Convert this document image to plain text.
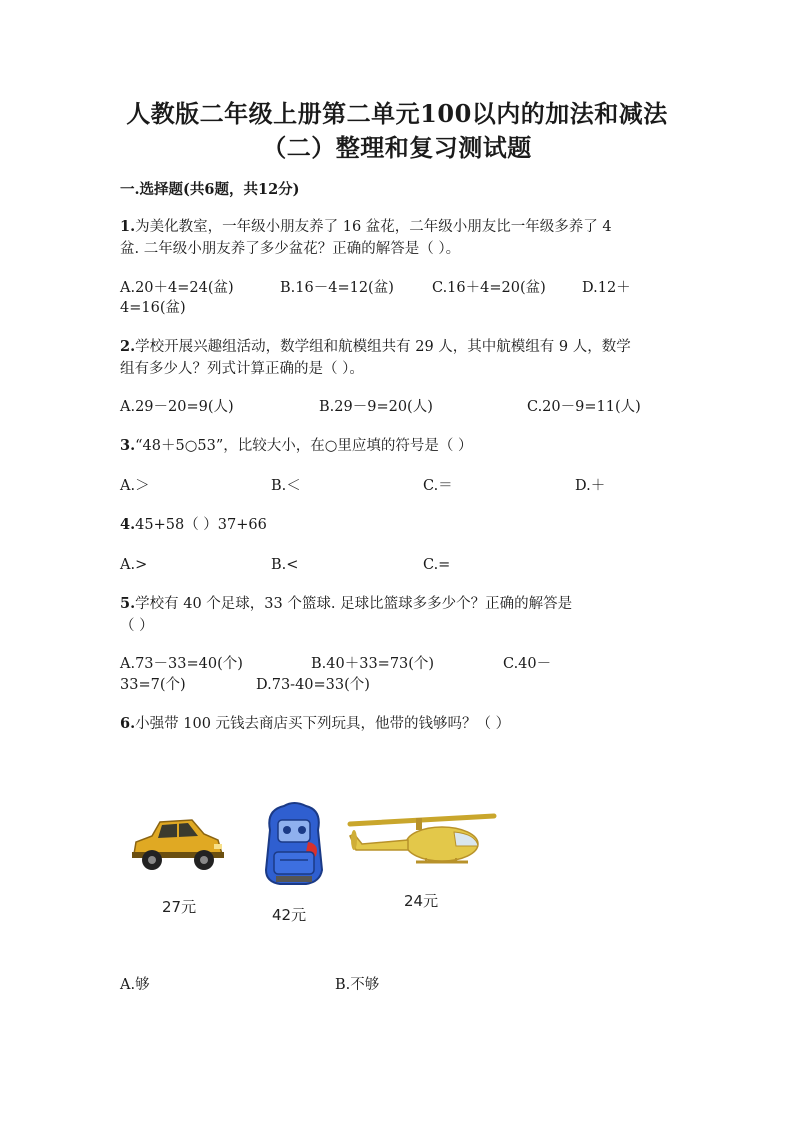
人教版二年级上册第二单元100以内的加法和减法
（二）整理和复习测试题
一.选择题(共6题，共12分)
1.为美化教室，一年级小朋友养了 16 盆花，二年级小朋友比一年级多养了 4
盆. 二年级小朋友养了多少盆花？正确的解答是（ ）。
A.20＋4=24(盆)	B.16－4=12(盆)	C.16＋4=20(盆) D.12＋
4=16(盆)
2.学校开展兴趣组活动，数学组和航模组共有 29 人，其中航模组有 9 人，数学
组有多少人？列式计算正确的是（ ）。
A.29－20=9(人)	B.29－9=20(人)	C.20－9=11(人)
3.“48＋5○53”，比较大小，在○里应填的符号是（ ）
A.＞	B.＜	C.＝	D.＋
4.45+58（ ）37+66
A.>	B.<	C.=
5.学校有 40 个足球，33 个篮球. 足球比篮球多多少个？正确的解答是
（ ）
A.73－33=40(个)	B.40＋33=73(个)	C.40－
33=7(个)	D.73-40=33(个)
6.小强带 100 元钱去商店买下列玩具，他带的钱够吗？（ ）
27元	42元
24元
A.够	B.不够
